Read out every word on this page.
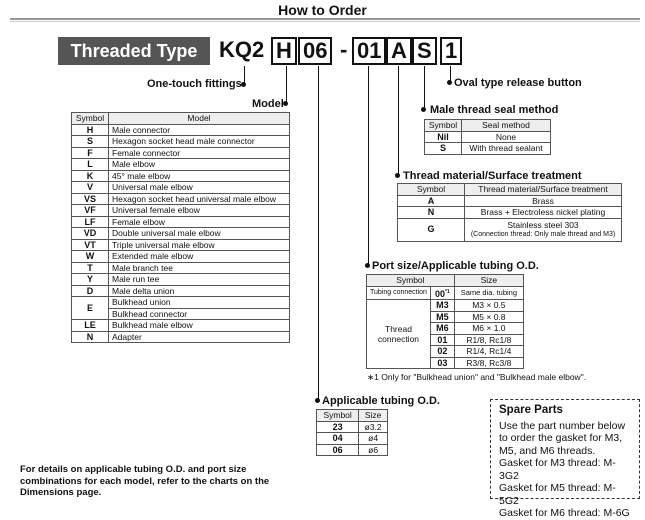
How to Order
Threaded Type KQ2 H 06 - 01 A S 1
One-touch fittings
Model
Oval type release button
Male thread seal method
Thread material/Surface treatment
Port size/Applicable tubing O.D.
Applicable tubing O.D.
Symbol	Model
H	Male connector
S	Hexagon socket head male connector
F	Female connector
L	Male elbow
K	45° male elbow
V	Universal male elbow
VS	Hexagon socket head universal male elbow
VF	Universal female elbow
LF	Female elbow
VD	Double universal male elbow
VT	Triple universal male elbow
W	Extended male elbow
T	Male branch tee
Y	Male run tee
D	Male delta union
E	Bulkhead union
	Bulkhead connector
LE	Bulkhead male elbow
N	Adapter
Symbol	Seal method
Nil	None
S	With thread sealant
Symbol	Thread material/Surface treatment
A	Brass
N	Brass + Electroless nickel plating
G	Stainless steel 303
(Connection thread: Only male thread and M3)
Symbol		Size
Tubing connection	00$^{*1}$	Same dia. tubing
Thread connection	M3	M3 × 0.5
	M5	M5 × 0.8
	M6	M6 × 1.0
	01	R1/8, Rc1/8
	02	R1/4, Rc1/4
	03	R3/8, Rc3/8
∗1 Only for "Bulkhead union" and "Bulkhead male elbow".
Symbol	Size
23	ø3.2
04	ø4
06	ø6
Spare Parts
Use the part number below to order the gasket for M3, M5, and M6 threads.
Gasket for M3 thread: M-3G2
Gasket for M5 thread: M-5G2
Gasket for M6 thread: M-6G
For details on applicable tubing O.D. and port size combinations for each model, refer to the charts on the Dimensions page.
